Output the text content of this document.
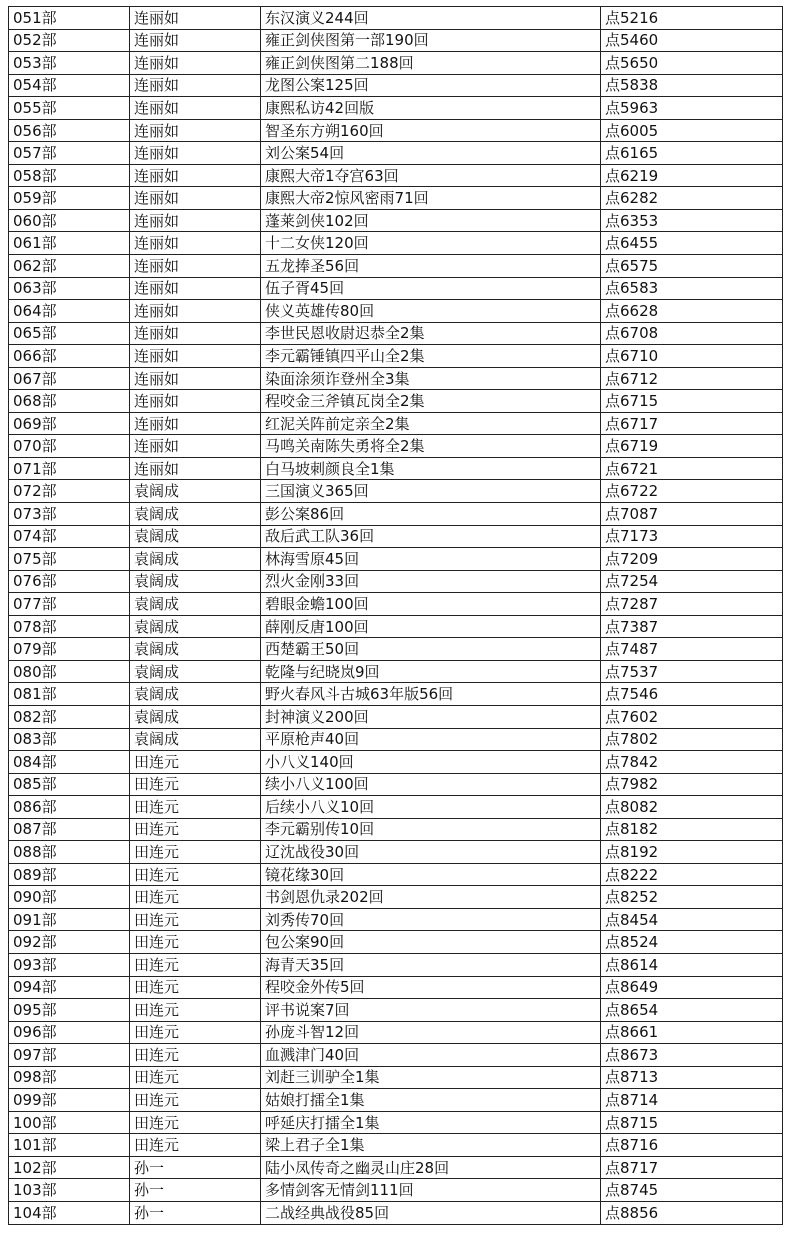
051部	连丽如	东汉演义244回	点5216
052部	连丽如	雍正剑侠图第一部190回	点5460
053部	连丽如	雍正剑侠图第二188回	点5650
054部	连丽如	龙图公案125回	点5838
055部	连丽如	康熙私访42回版	点5963
056部	连丽如	智圣东方朔160回	点6005
057部	连丽如	刘公案54回	点6165
058部	连丽如	康熙大帝1夺宫63回	点6219
059部	连丽如	康熙大帝2惊风密雨71回	点6282
060部	连丽如	蓬莱剑侠102回	点6353
061部	连丽如	十二女侠120回	点6455
062部	连丽如	五龙捧圣56回	点6575
063部	连丽如	伍子胥45回	点6583
064部	连丽如	侠义英雄传80回	点6628
065部	连丽如	李世民恩收尉迟恭全2集	点6708
066部	连丽如	李元霸锤镇四平山全2集	点6710
067部	连丽如	染面涂须诈登州全3集	点6712
068部	连丽如	程咬金三斧镇瓦岗全2集	点6715
069部	连丽如	红泥关阵前定亲全2集	点6717
070部	连丽如	马鸣关南陈失勇将全2集	点6719
071部	连丽如	白马坡刺颜良全1集	点6721
072部	袁阔成	三国演义365回	点6722
073部	袁阔成	彭公案86回	点7087
074部	袁阔成	敌后武工队36回	点7173
075部	袁阔成	林海雪原45回	点7209
076部	袁阔成	烈火金刚33回	点7254
077部	袁阔成	碧眼金蟾100回	点7287
078部	袁阔成	薛刚反唐100回	点7387
079部	袁阔成	西楚霸王50回	点7487
080部	袁阔成	乾隆与纪晓岚9回	点7537
081部	袁阔成	野火春风斗古城63年版56回	点7546
082部	袁阔成	封神演义200回	点7602
083部	袁阔成	平原枪声40回	点7802
084部	田连元	小八义140回	点7842
085部	田连元	续小八义100回	点7982
086部	田连元	后续小八义10回	点8082
087部	田连元	李元霸别传10回	点8182
088部	田连元	辽沈战役30回	点8192
089部	田连元	镜花缘30回	点8222
090部	田连元	书剑恩仇录202回	点8252
091部	田连元	刘秀传70回	点8454
092部	田连元	包公案90回	点8524
093部	田连元	海青天35回	点8614
094部	田连元	程咬金外传5回	点8649
095部	田连元	评书说案7回	点8654
096部	田连元	孙庞斗智12回	点8661
097部	田连元	血溅津门40回	点8673
098部	田连元	刘赶三训驴全1集	点8713
099部	田连元	姑娘打擂全1集	点8714
100部	田连元	呼延庆打擂全1集	点8715
101部	田连元	梁上君子全1集	点8716
102部	孙一	陆小凤传奇之幽灵山庄28回	点8717
103部	孙一	多情剑客无情剑111回	点8745
104部	孙一	二战经典战役85回	点8856
